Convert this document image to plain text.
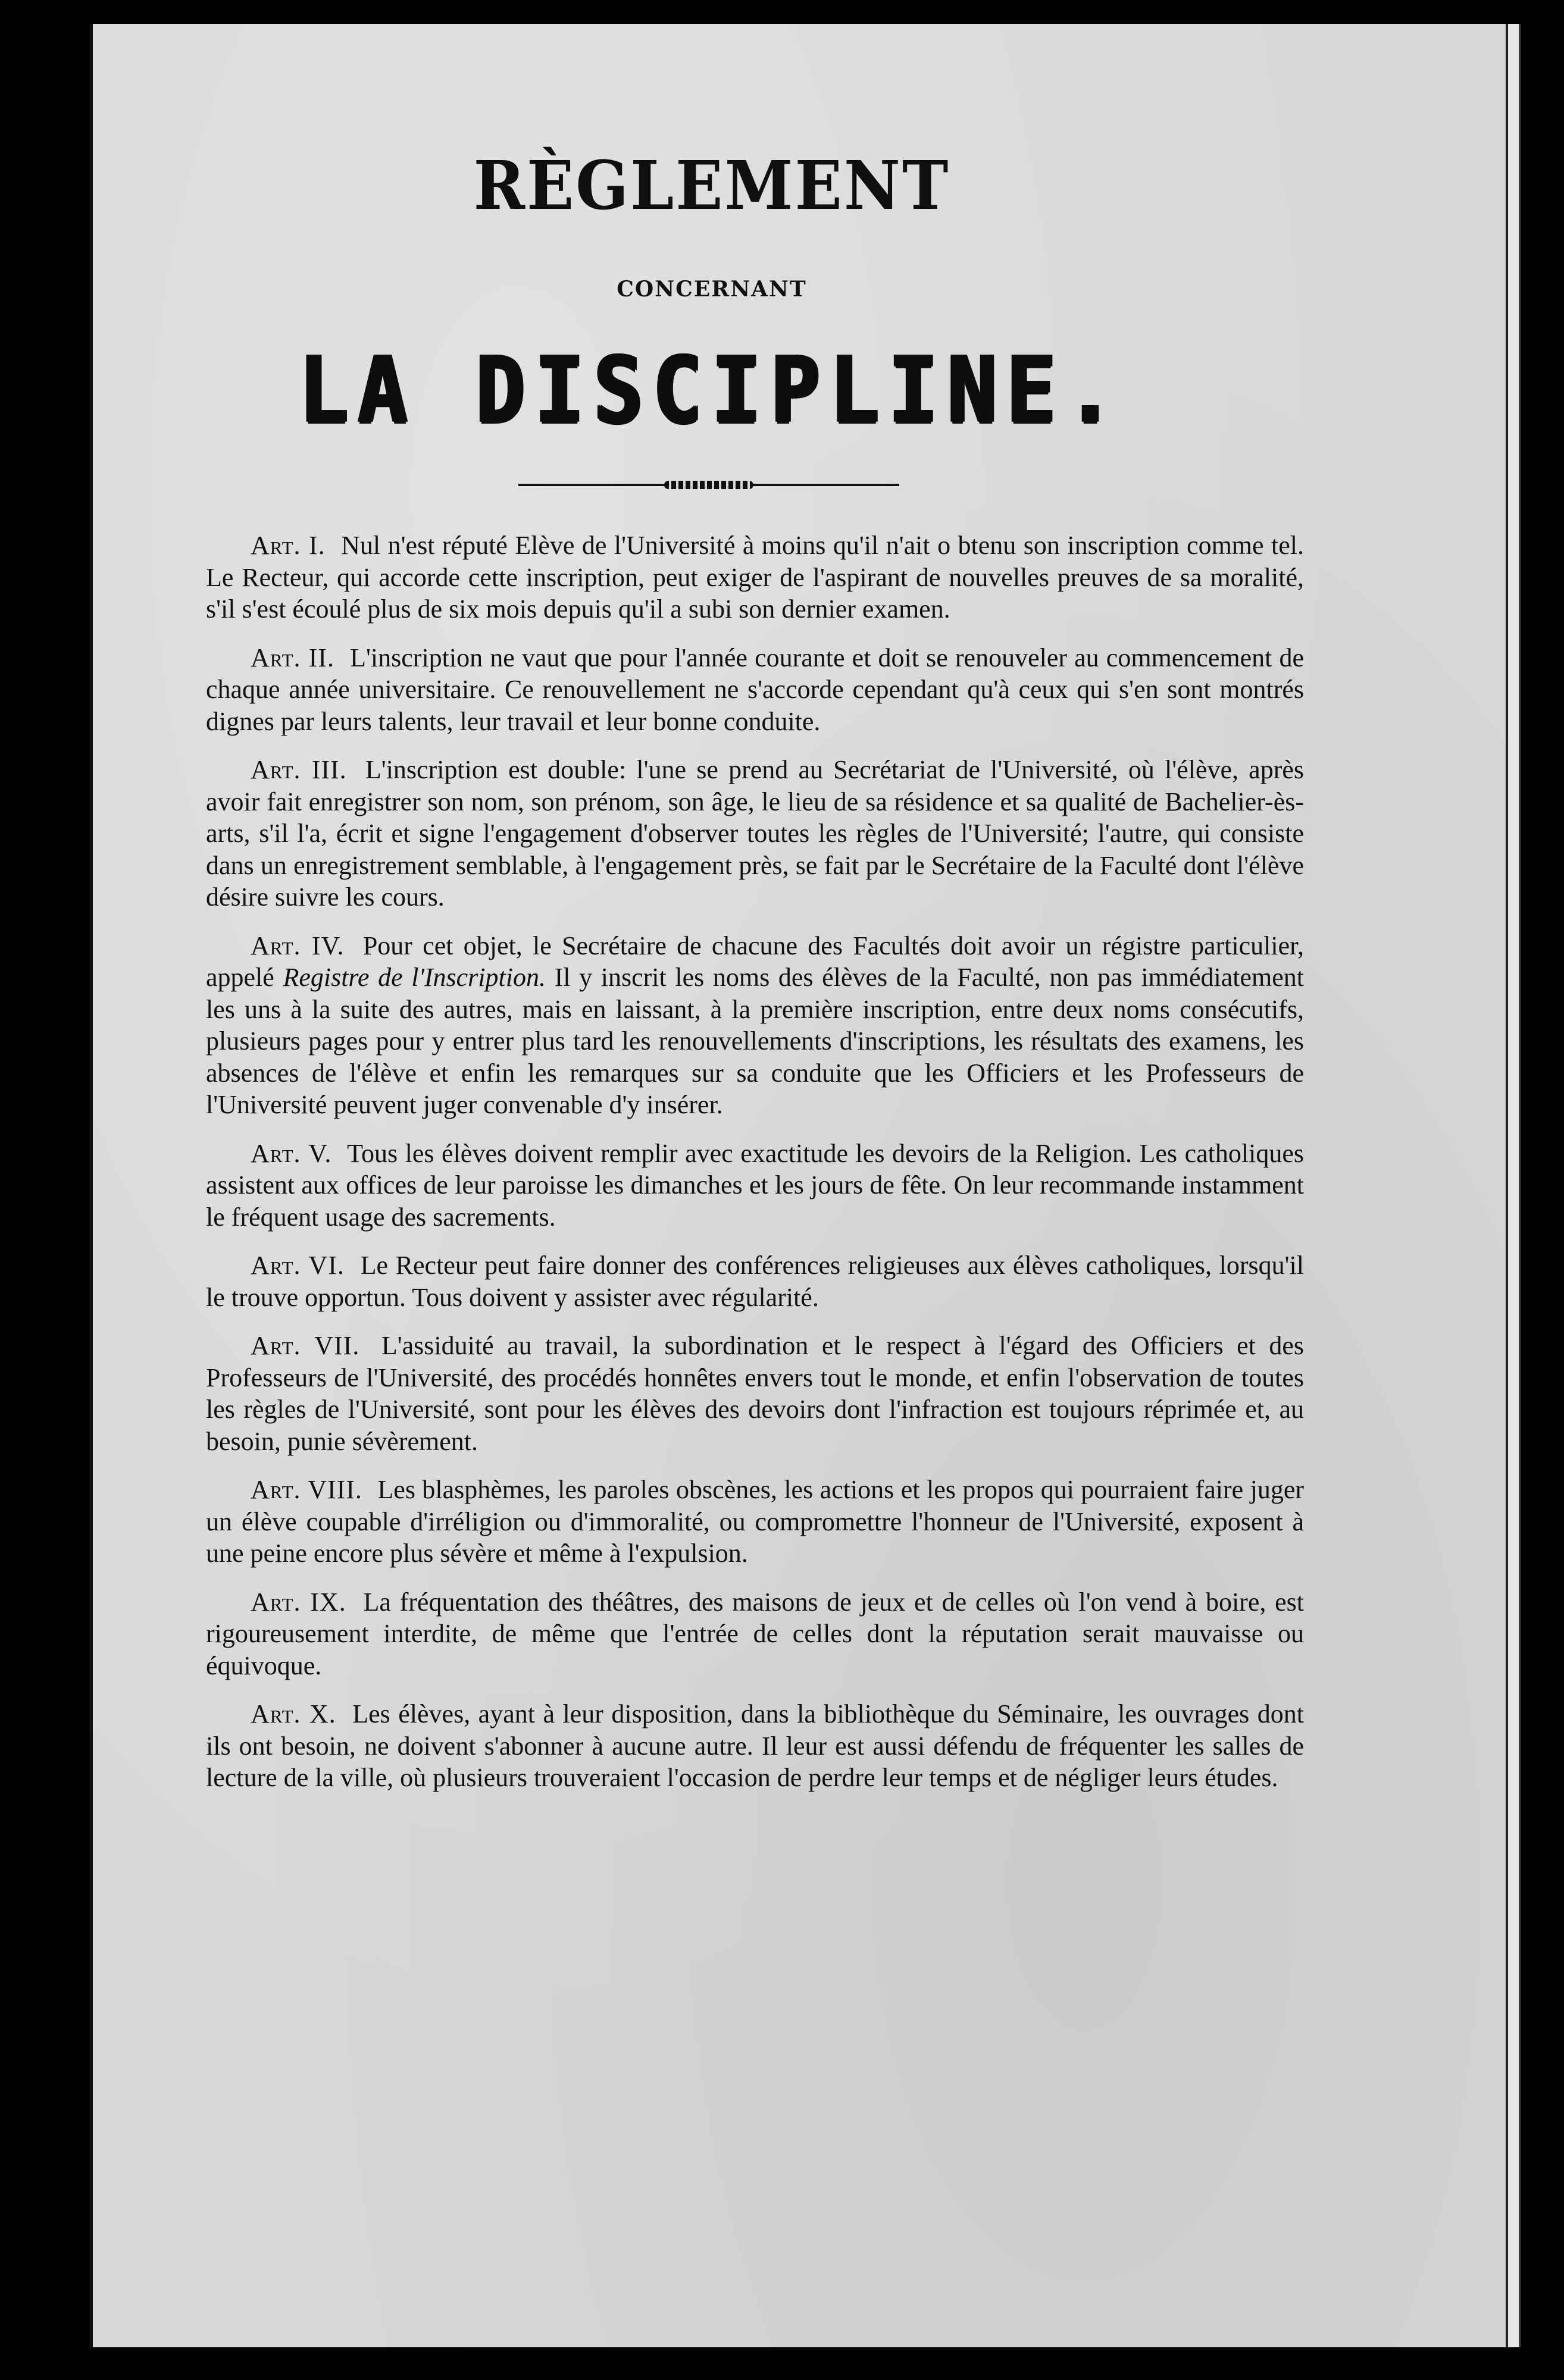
RÈGLEMENT
CONCERNANT
LA DISCIPLINE.

Art. I. Nul n'est réputé Elève de l'Université à moins qu'il n'ait o btenu son inscription comme tel. Le Recteur, qui accorde cette inscription, peut exiger de l'aspirant de nouvelles preuves de sa moralité, s'il s'est écoulé plus de six mois depuis qu'il a subi son dernier examen.

Art. II. L'inscription ne vaut que pour l'année courante et doit se renouveler au commencement de chaque année universitaire. Ce renouvellement ne s'accorde cependant qu'à ceux qui s'en sont montrés dignes par leurs talents, leur travail et leur bonne conduite.

Art. III. L'inscription est double: l'une se prend au Secrétariat de l'Université, où l'élève, après avoir fait enregistrer son nom, son prénom, son âge, le lieu de sa résidence et sa qualité de Bachelier-ès-arts, s'il l'a, écrit et signe l'engagement d'observer toutes les règles de l'Université; l'autre, qui consiste dans un enregistrement semblable, à l'engagement près, se fait par le Secrétaire de la Faculté dont l'élève désire suivre les cours.

Art. IV. Pour cet objet, le Secrétaire de chacune des Facultés doit avoir un régistre particulier, appelé Registre de l'Inscription. Il y inscrit les noms des élèves de la Faculté, non pas immédiatement les uns à la suite des autres, mais en laissant, à la première inscription, entre deux noms consécutifs, plusieurs pages pour y entrer plus tard les renouvellements d'inscriptions, les résultats des examens, les absences de l'élève et enfin les remarques sur sa conduite que les Officiers et les Professeurs de l'Université peuvent juger convenable d'y insérer.

Art. V. Tous les élèves doivent remplir avec exactitude les devoirs de la Religion. Les catholiques assistent aux offices de leur paroisse les dimanches et les jours de fête. On leur recommande instamment le fréquent usage des sacrements.

Art. VI. Le Recteur peut faire donner des conférences religieuses aux élèves catholiques, lorsqu'il le trouve opportun. Tous doivent y assister avec régularité.

Art. VII. L'assiduité au travail, la subordination et le respect à l'égard des Officiers et des Professeurs de l'Université, des procédés honnêtes envers tout le monde, et enfin l'observation de toutes les règles de l'Université, sont pour les élèves des devoirs dont l'infraction est toujours réprimée et, au besoin, punie sévèrement.

Art. VIII. Les blasphèmes, les paroles obscènes, les actions et les propos qui pourraient faire juger un élève coupable d'irréligion ou d'immoralité, ou compromettre l'honneur de l'Université, exposent à une peine encore plus sévère et même à l'expulsion.

Art. IX. La fréquentation des théâtres, des maisons de jeux et de celles où l'on vend à boire, est rigoureusement interdite, de même que l'entrée de celles dont la réputation serait mauvaisse ou équivoque.

Art. X. Les élèves, ayant à leur disposition, dans la bibliothèque du Séminaire, les ouvrages dont ils ont besoin, ne doivent s'abonner à aucune autre. Il leur est aussi défendu de fréquenter les salles de lecture de la ville, où plusieurs trouveraient l'occasion de perdre leur temps et de négliger leurs études.
